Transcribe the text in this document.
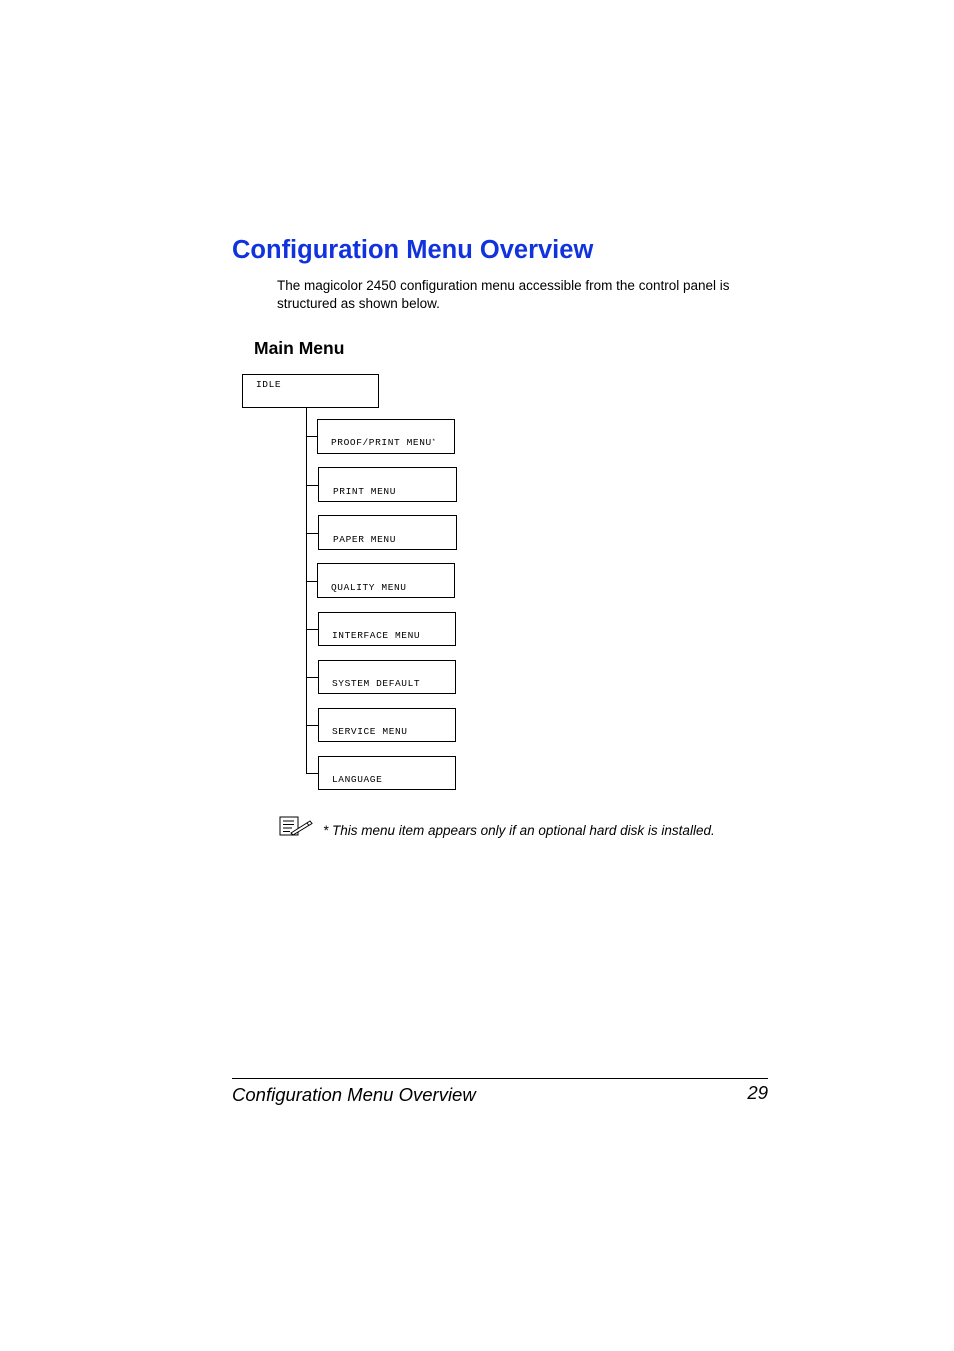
Configuration Menu Overview

The magicolor 2450 configuration menu accessible from the control panel is structured as shown below.

Main Menu
IDLE
PROOF/PRINT MENU*
PRINT MENU
PAPER MENU
QUALITY MENU
INTERFACE MENU
SYSTEM DEFAULT
SERVICE MENU
LANGUAGE

* This menu item appears only if an optional hard disk is installed.

Configuration Menu Overview	29
